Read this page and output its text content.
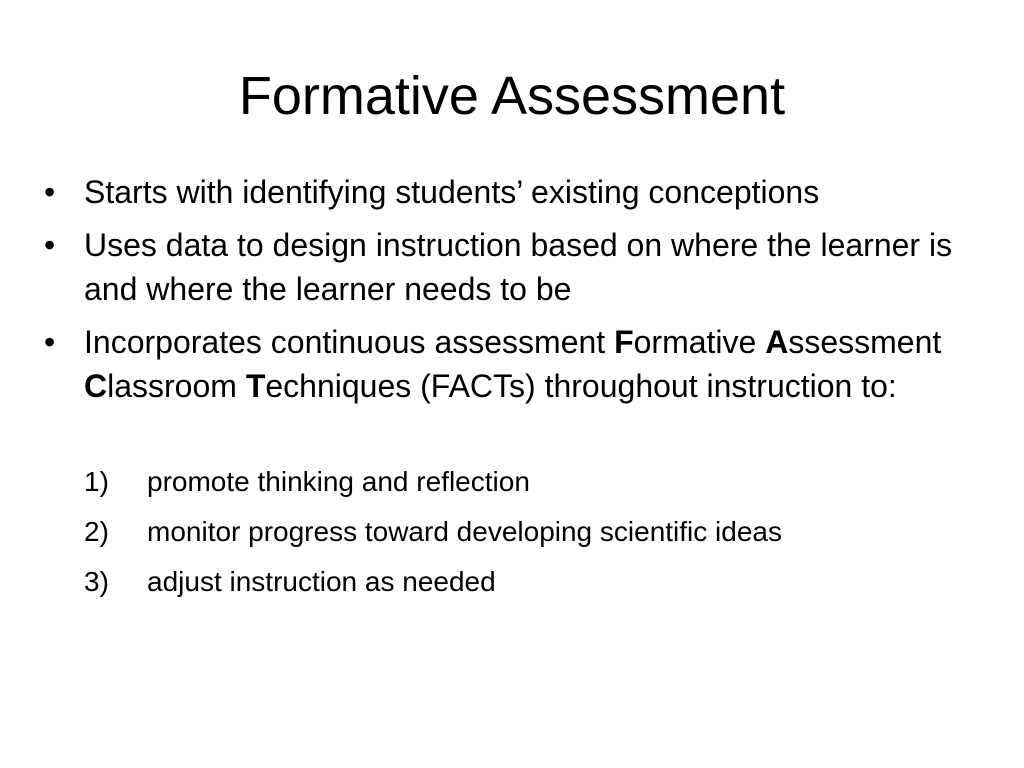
Formative Assessment
• Starts with identifying students’ existing conceptions
• Uses data to design instruction based on where the learner is and where the learner needs to be
• Incorporates continuous assessment Formative Assessment Classroom Techniques (FACTs) throughout instruction to:
1) promote thinking and reflection
2) monitor progress toward developing scientific ideas
3) adjust instruction as needed
